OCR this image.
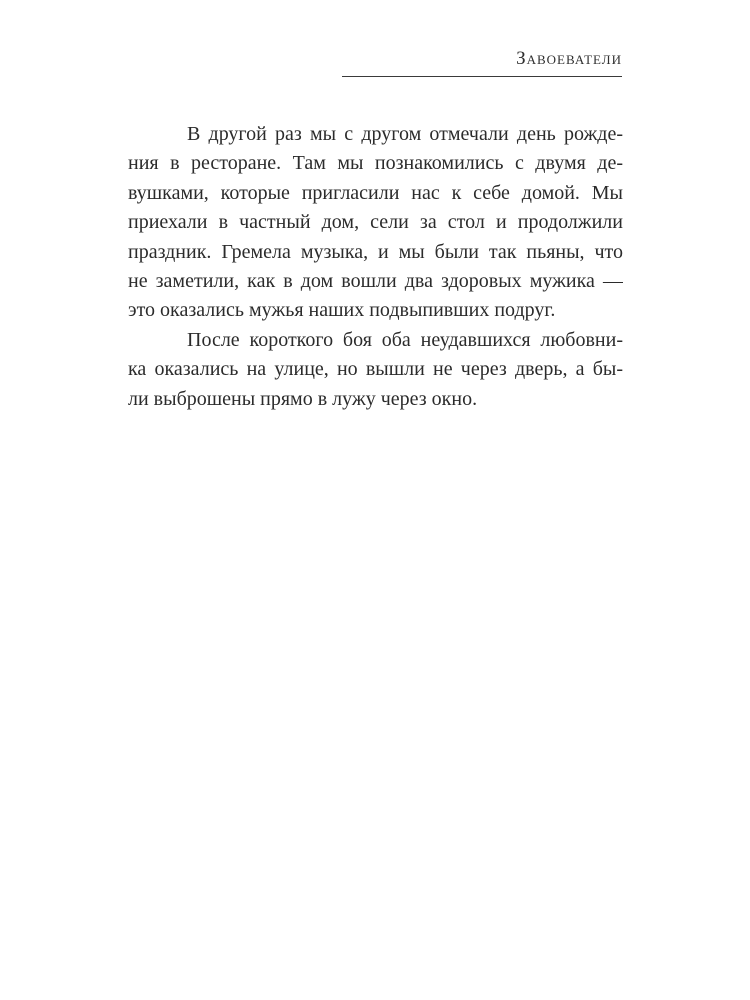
Завоеватели

В другой раз мы с другом отмечали день рожде-
ния в ресторане. Там мы познакомились с двумя де-
вушками, которые пригласили нас к себе домой. Мы
приехали в частный дом, сели за стол и продолжили
праздник. Гремела музыка, и мы были так пьяны, что
не заметили, как в дом вошли два здоровых мужика —
это оказались мужья наших подвыпивших подруг.

После короткого боя оба неудавшихся любовни-
ка оказались на улице, но вышли не через дверь, а бы-
ли выброшены прямо в лужу через окно.
